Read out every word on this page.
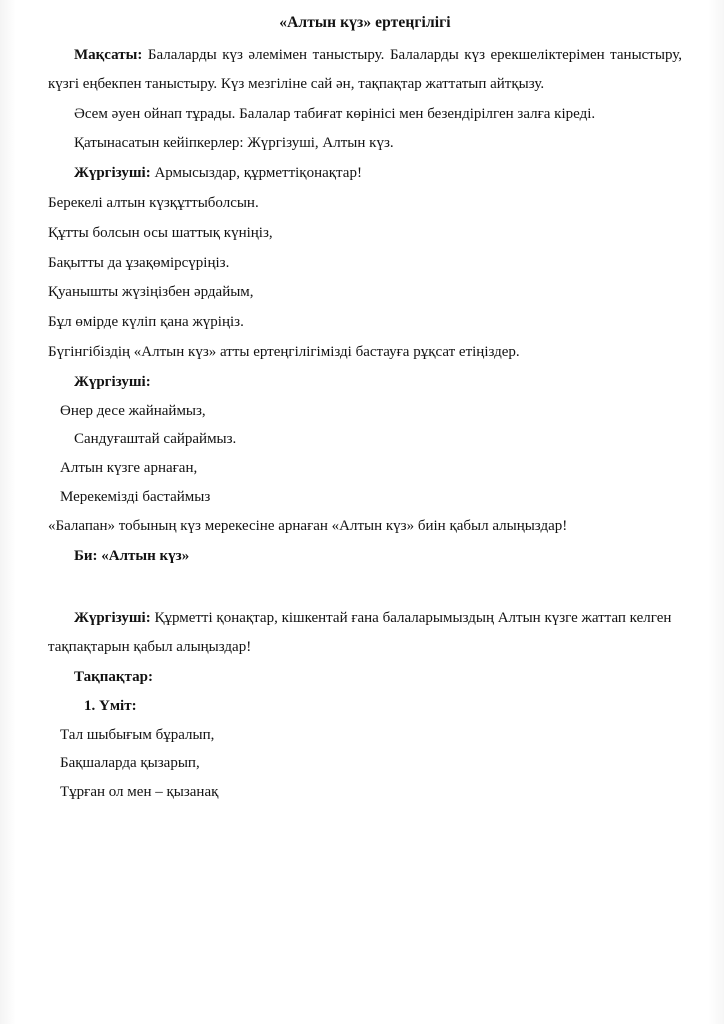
«Алтын күз» ертеңгілігі

Мақсаты: Балаларды күз әлемімен таныстыру. Балаларды күз ерекшеліктерімен таныстыру, күзгі еңбекпен таныстыру. Күз мезгіліне сай ән, тақпақтар жаттатып айтқызу.

Әсем әуен ойнап тұрады. Балалар табиғат көрінісі мен безендірілген залға кіреді.

Қатынасатын кейіпкерлер: Жүргізуші, Алтын күз.

Жүргізуші: Армысыздар, құрметтіқонақтар!

Берекелі алтын күзқұттыболсын.

Құтты болсын осы шаттық күніңіз,

Бақытты да ұзақөмірсүріңіз.

Қуанышты жүзіңізбен әрдайым,

Бұл өмірде күліп қана жүріңіз.

Бүгінгібіздің «Алтын күз» атты ертеңгілігімізді бастауға рұқсат етіңіздер.

Жүргізуші:

Өнер десе жайнаймыз,

Сандуғаштай сайраймыз.

Алтын күзге арнаған,

Мерекемізді бастаймыз

«Балапан» тобының күз мерекесіне арнаған «Алтын күз» биін қабыл алыңыздар!

Би: «Алтын күз»

Жүргізуші: Құрметті қонақтар, кішкентай ғана балаларымыздың Алтын күзге жаттап келген тақпақтарын қабыл алыңыздар!

Тақпақтар:

1. Үміт:

Тал шыбығым бұралып,

Бақшаларда қызарып,

Тұрған ол мен – қызанақ
